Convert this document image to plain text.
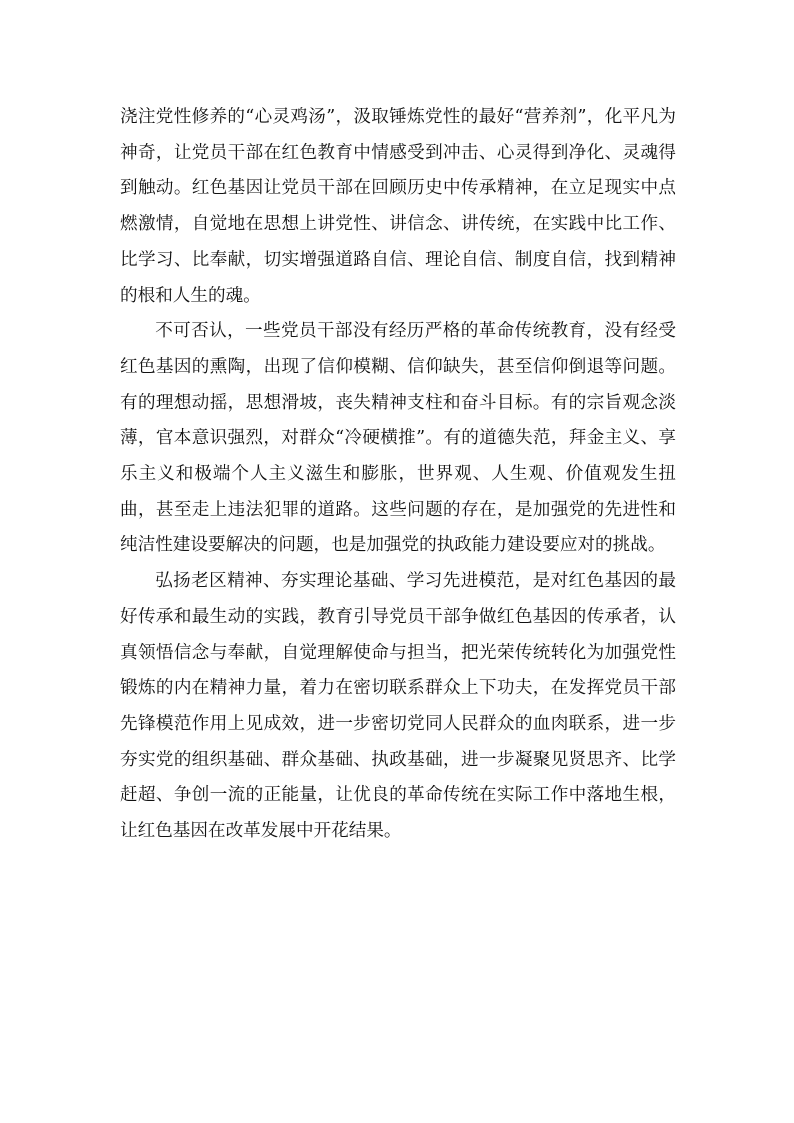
浇注党性修养的“心灵鸡汤”，汲取锤炼党性的最好“营养剂”，化平凡为神奇，让党员干部在红色教育中情感受到冲击、心灵得到净化、灵魂得到触动。红色基因让党员干部在回顾历史中传承精神，在立足现实中点燃激情，自觉地在思想上讲党性、讲信念、讲传统，在实践中比工作、比学习、比奉献，切实增强道路自信、理论自信、制度自信，找到精神的根和人生的魂。

不可否认，一些党员干部没有经历严格的革命传统教育，没有经受红色基因的熏陶，出现了信仰模糊、信仰缺失，甚至信仰倒退等问题。有的理想动摇，思想滑坡，丧失精神支柱和奋斗目标。有的宗旨观念淡薄，官本意识强烈，对群众“冷硬横推”。有的道德失范，拜金主义、享乐主义和极端个人主义滋生和膨胀，世界观、人生观、价值观发生扭曲，甚至走上违法犯罪的道路。这些问题的存在，是加强党的先进性和纯洁性建设要解决的问题，也是加强党的执政能力建设要应对的挑战。

弘扬老区精神、夯实理论基础、学习先进模范，是对红色基因的最好传承和最生动的实践，教育引导党员干部争做红色基因的传承者，认真领悟信念与奉献，自觉理解使命与担当，把光荣传统转化为加强党性锻炼的内在精神力量，着力在密切联系群众上下功夫，在发挥党员干部先锋模范作用上见成效，进一步密切党同人民群众的血肉联系，进一步夯实党的组织基础、群众基础、执政基础，进一步凝聚见贤思齐、比学赶超、争创一流的正能量，让优良的革命传统在实际工作中落地生根，让红色基因在改革发展中开花结果。
